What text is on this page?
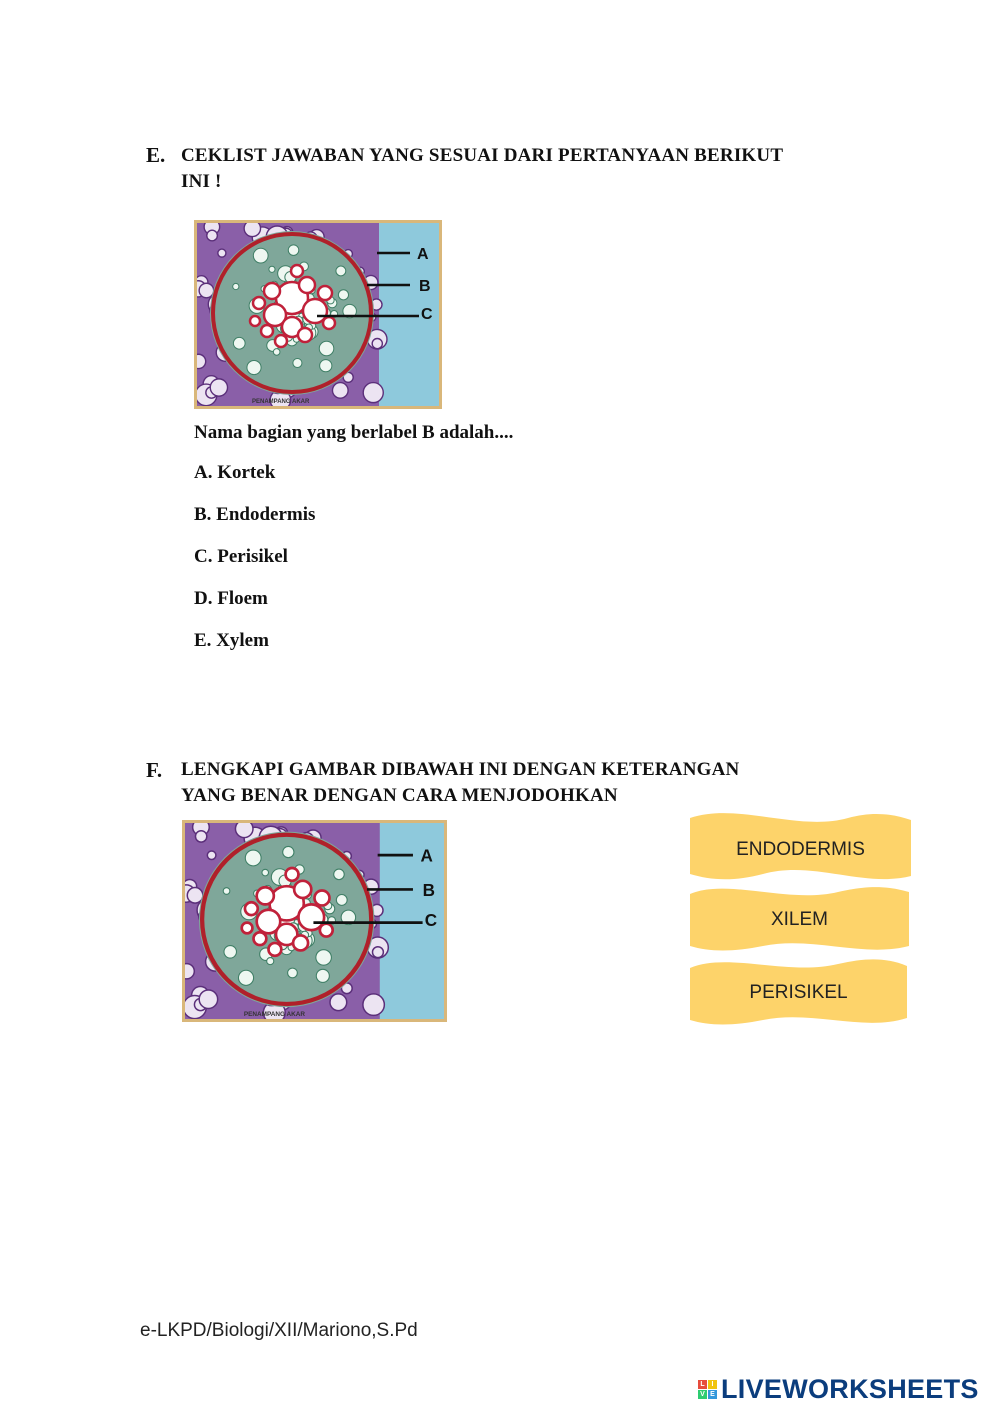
E. CEKLIST JAWABAN YANG SESUAI DARI PERTANYAAN BERIKUT
INI !
A
B
C
PENAMPANG AKAR
Nama bagian yang berlabel B adalah....
A. Kortek
B. Endodermis
C. Perisikel
D. Floem
E. Xylem
F. LENGKAPI GAMBAR DIBAWAH INI DENGAN KETERANGAN
YANG BENAR DENGAN CARA MENJODOHKAN
A
B
C
PENAMPANG AKAR
ENDODERMIS
XILEM
PERISIKEL
e-LKPD/Biologi/XII/Mariono,S.Pd
L I
V E LIVEWORKSHEETS
